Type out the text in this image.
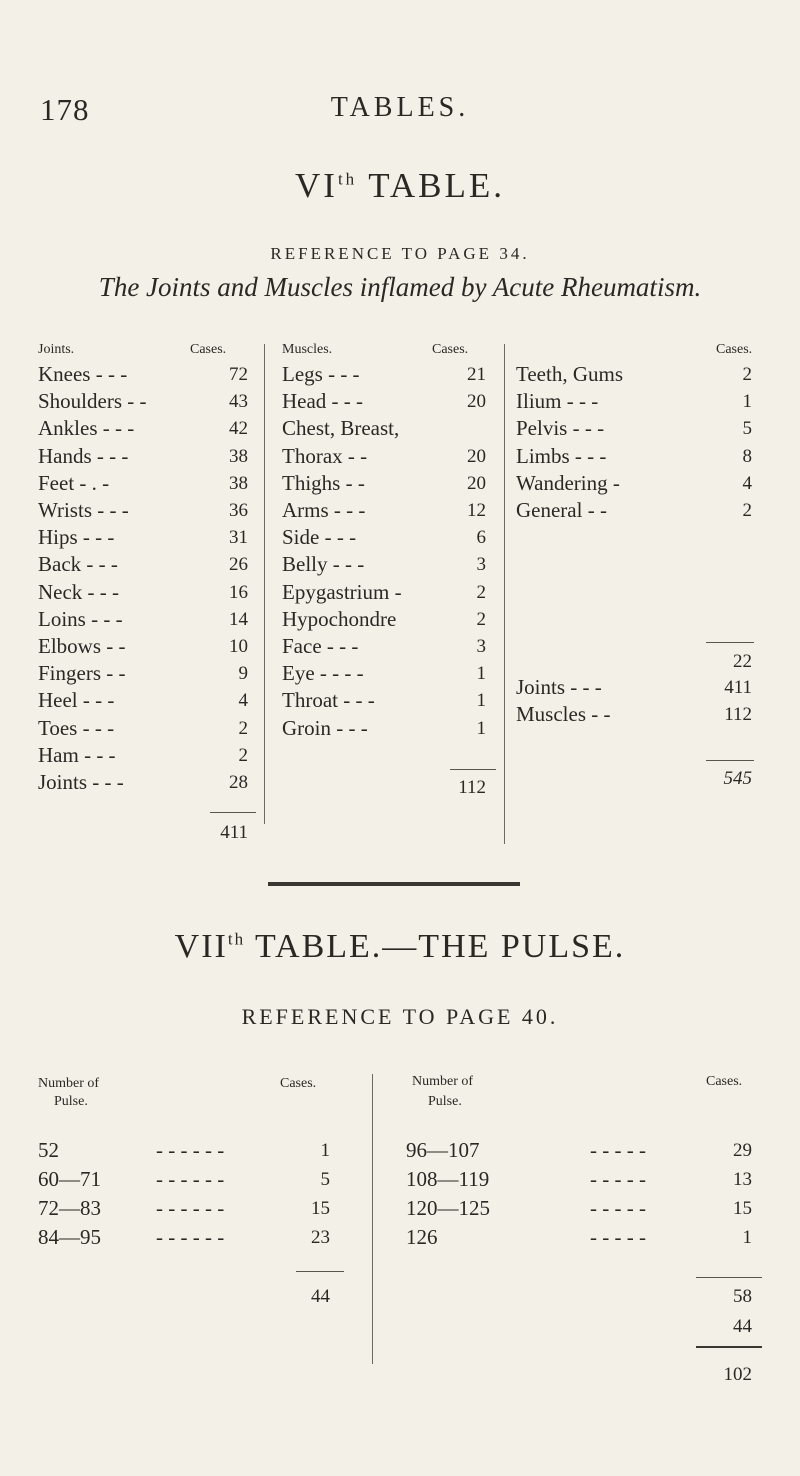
178	TABLES.
VIth TABLE.
REFERENCE TO PAGE 34.
The Joints and Muscles inflamed by Acute Rheumatism.
Joints.	Cases.	Muscles.	Cases.	Cases.
Knees - - -	72
Shoulders - -	43
Ankles - - -	42
Hands - - -	38
Feet - . -	38
Wrists - - -	36
Hips - - -	31
Back - - -	26
Neck - - -	16
Loins - - -	14
Elbows - -	10
Fingers - -	9
Heel - - -	4
Toes - - -	2
Ham - - -	2
Joints - - -	28
411
Legs - - -	21
Head - - -	20
Chest, Breast,
Thorax - -	20
Thighs - -	20
Arms - - -	12
Side - - -	6
Belly - - -	3
Epygastrium -	2
Hypochondre	2
Face - - -	3
Eye - - - -	1
Throat - - -	1
Groin - - -	1
112
Teeth, Gums	2
Ilium - - -	1
Pelvis - - -	5
Limbs - - -	8
Wandering -	4
General - -	2
22
Joints - - -	411
Muscles - -	112
545
VIIth TABLE.—THE PULSE.
REFERENCE TO PAGE 40.
Number of
Pulse.
Cases.	Number of
Pulse.
Cases.
52	- - - - - -	1
60—71	- - - - - -	5
72—83	- - - - - -	15
84—95	- - - - - -	23
44
96—107	- - - - -	29
108—119	- - - - -	13
120—125	- - - - -	15
126	- - - - -	1
58
44
102
